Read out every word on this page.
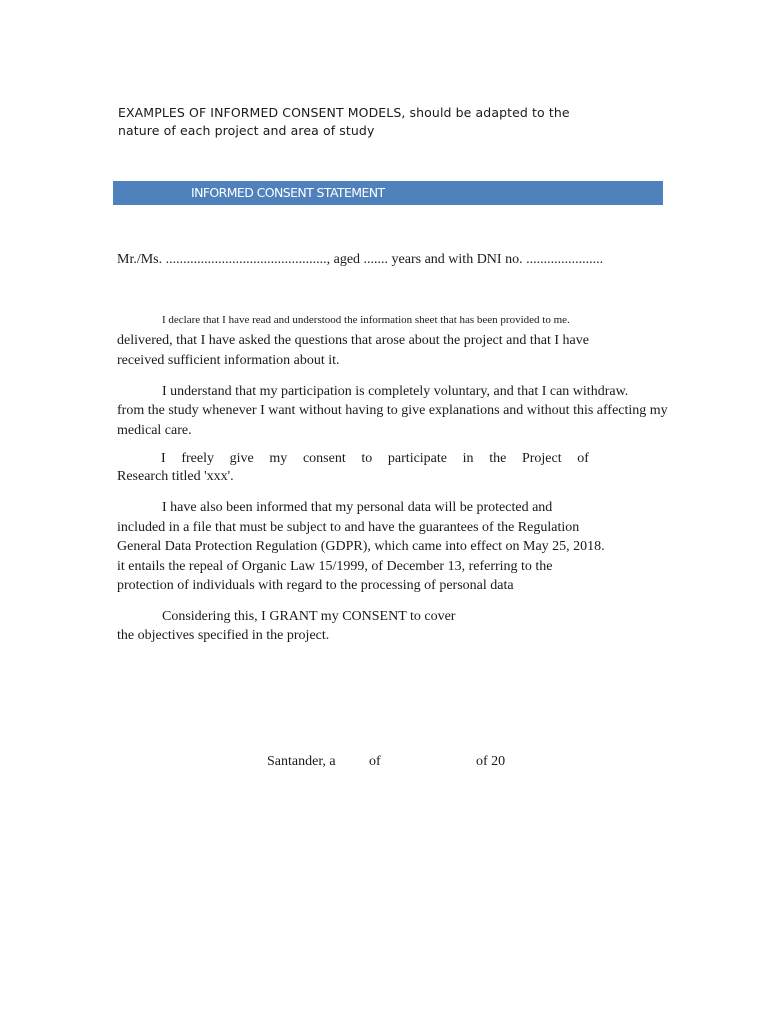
EXAMPLES OF INFORMED CONSENT MODELS, should be adapted to the
nature of each project and area of study
INFORMED CONSENT STATEMENT

Mr./Ms. .............................................., aged ....... years and with DNI no. ......................

I declare that I have read and understood the information sheet that has been provided to me.

delivered, that I have asked the questions that arose about the project and that I have

received sufficient information about it.

I understand that my participation is completely voluntary, and that I can withdraw.

from the study whenever I want without having to give explanations and without this affecting my

medical care.

I freely give my consent to participate in the Project of

Research titled 'xxx'.

I have also been informed that my personal data will be protected and

included in a file that must be subject to and have the guarantees of the Regulation

General Data Protection Regulation (GDPR), which came into effect on May 25, 2018.

it entails the repeal of Organic Law 15/1999, of December 13, referring to the

protection of individuals with regard to the processing of personal data

Considering this, I GRANT my CONSENT to cover

the objectives specified in the project.

Santander, a of	of 20
